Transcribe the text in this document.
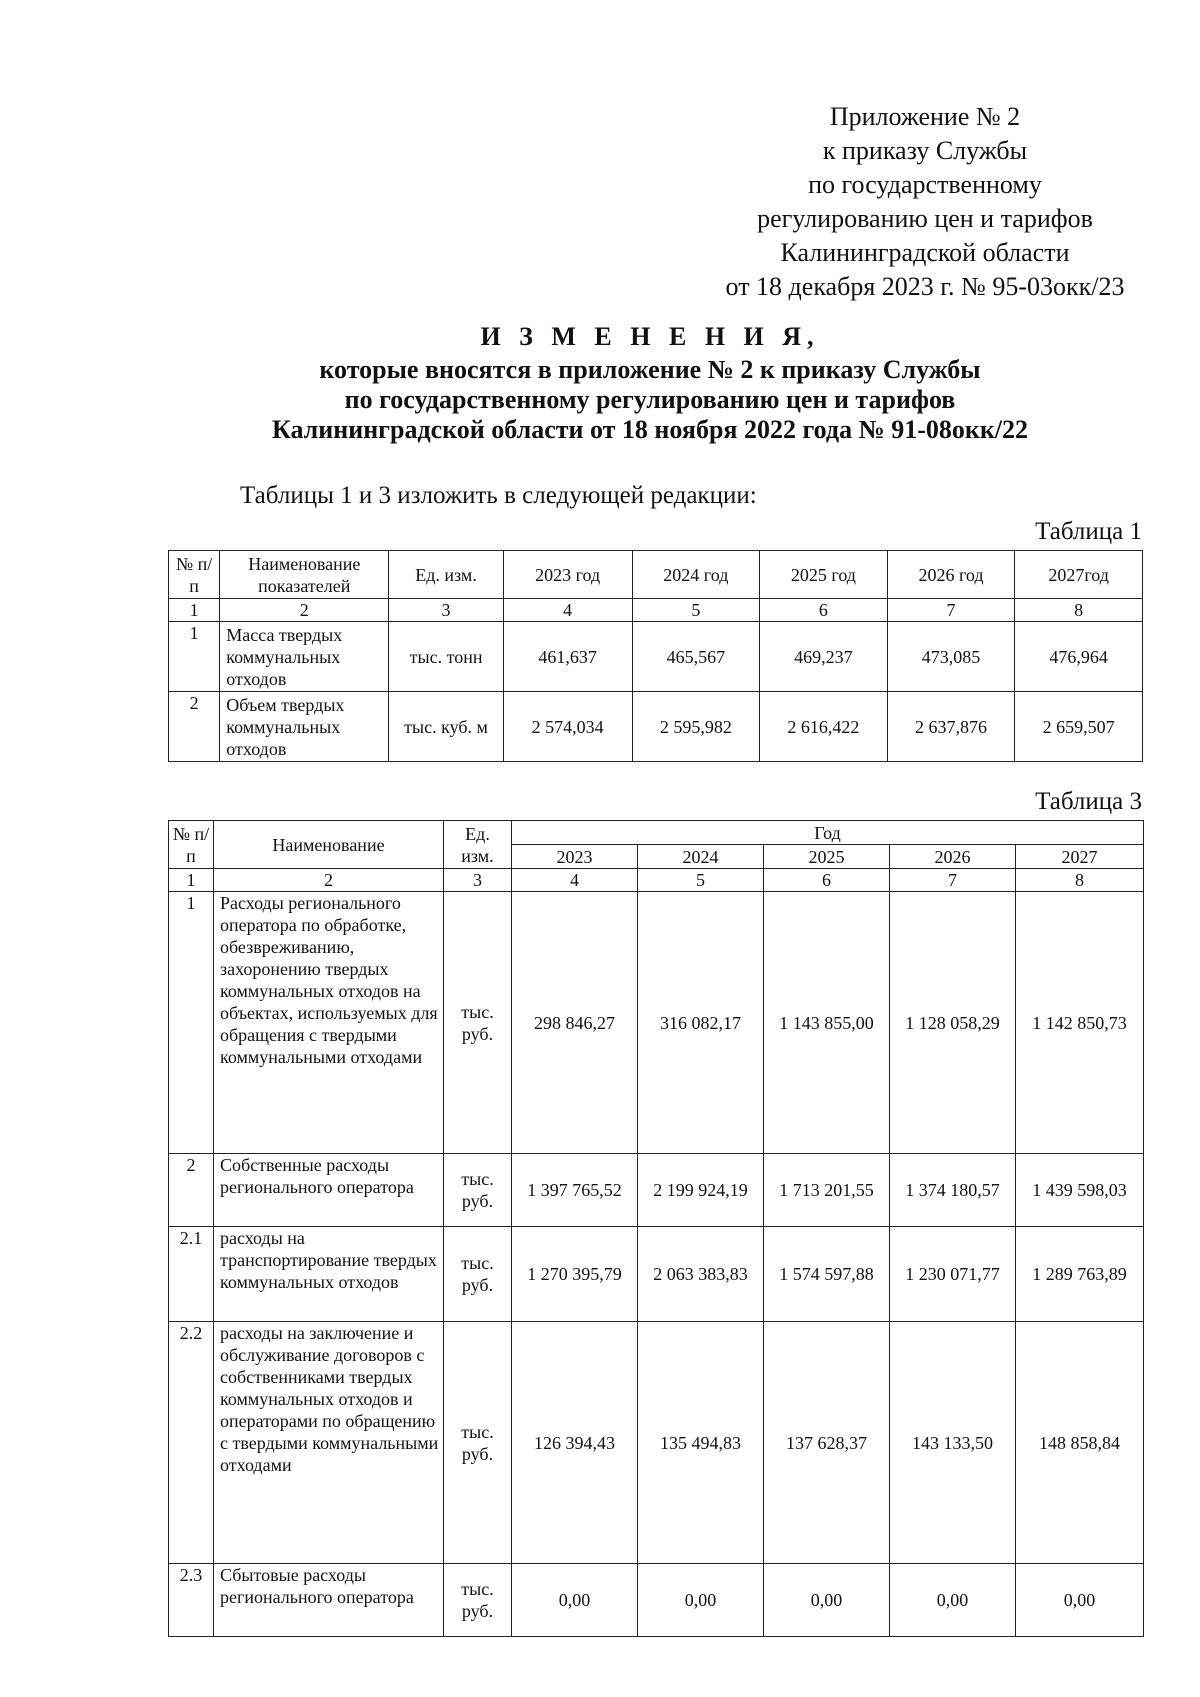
Приложение № 2
к приказу Службы
по государственному
регулированию цен и тарифов
Калининградской области
от 18 декабря 2023 г. № 95-03окк/23
И З М Е Н Е Н И Я,
которые вносятся в приложение № 2 к приказу Службы
по государственному регулированию цен и тарифов
Калининградской области от 18 ноября 2022 года № 91-08окк/22
Таблицы 1 и 3 изложить в следующей редакции:
Таблица 1
№ п/п	Наименование показателей	Ед. изм.	2023 год	2024 год	2025 год	2026 год	2027год
1	2	3	4	5	6	7	8
1	Масса твердых коммунальных отходов	тыс. тонн	461,637	465,567	469,237	473,085	476,964
2	Объем твердых коммунальных отходов	тыс. куб. м	2 574,034	2 595,982	2 616,422	2 637,876	2 659,507
Таблица 3
№ п/п	Наименование	Ед. изм.	Год				
			2023	2024	2025	2026	2027
1	2	3	4	5	6	7	8
1	Расходы регионального оператора по обработке, обезвреживанию, захоронению твердых коммунальных отходов на объектах, используемых для обращения с твердыми коммунальными отходами	тыс. руб.	298 846,27	316 082,17	1 143 855,00	1 128 058,29	1 142 850,73
2	Собственные расходы регионального оператора	тыс. руб.	1 397 765,52	2 199 924,19	1 713 201,55	1 374 180,57	1 439 598,03
2.1	расходы на транспортирование твердых коммунальных отходов	тыс. руб.	1 270 395,79	2 063 383,83	1 574 597,88	1 230 071,77	1 289 763,89
2.2	расходы на заключение и обслуживание договоров с собственниками твердых коммунальных отходов и операторами по обращению с твердыми коммунальными отходами	тыс. руб.	126 394,43	135 494,83	137 628,37	143 133,50	148 858,84
2.3	Сбытовые расходы регионального оператора	тыс. руб.	0,00	0,00	0,00	0,00	0,00
